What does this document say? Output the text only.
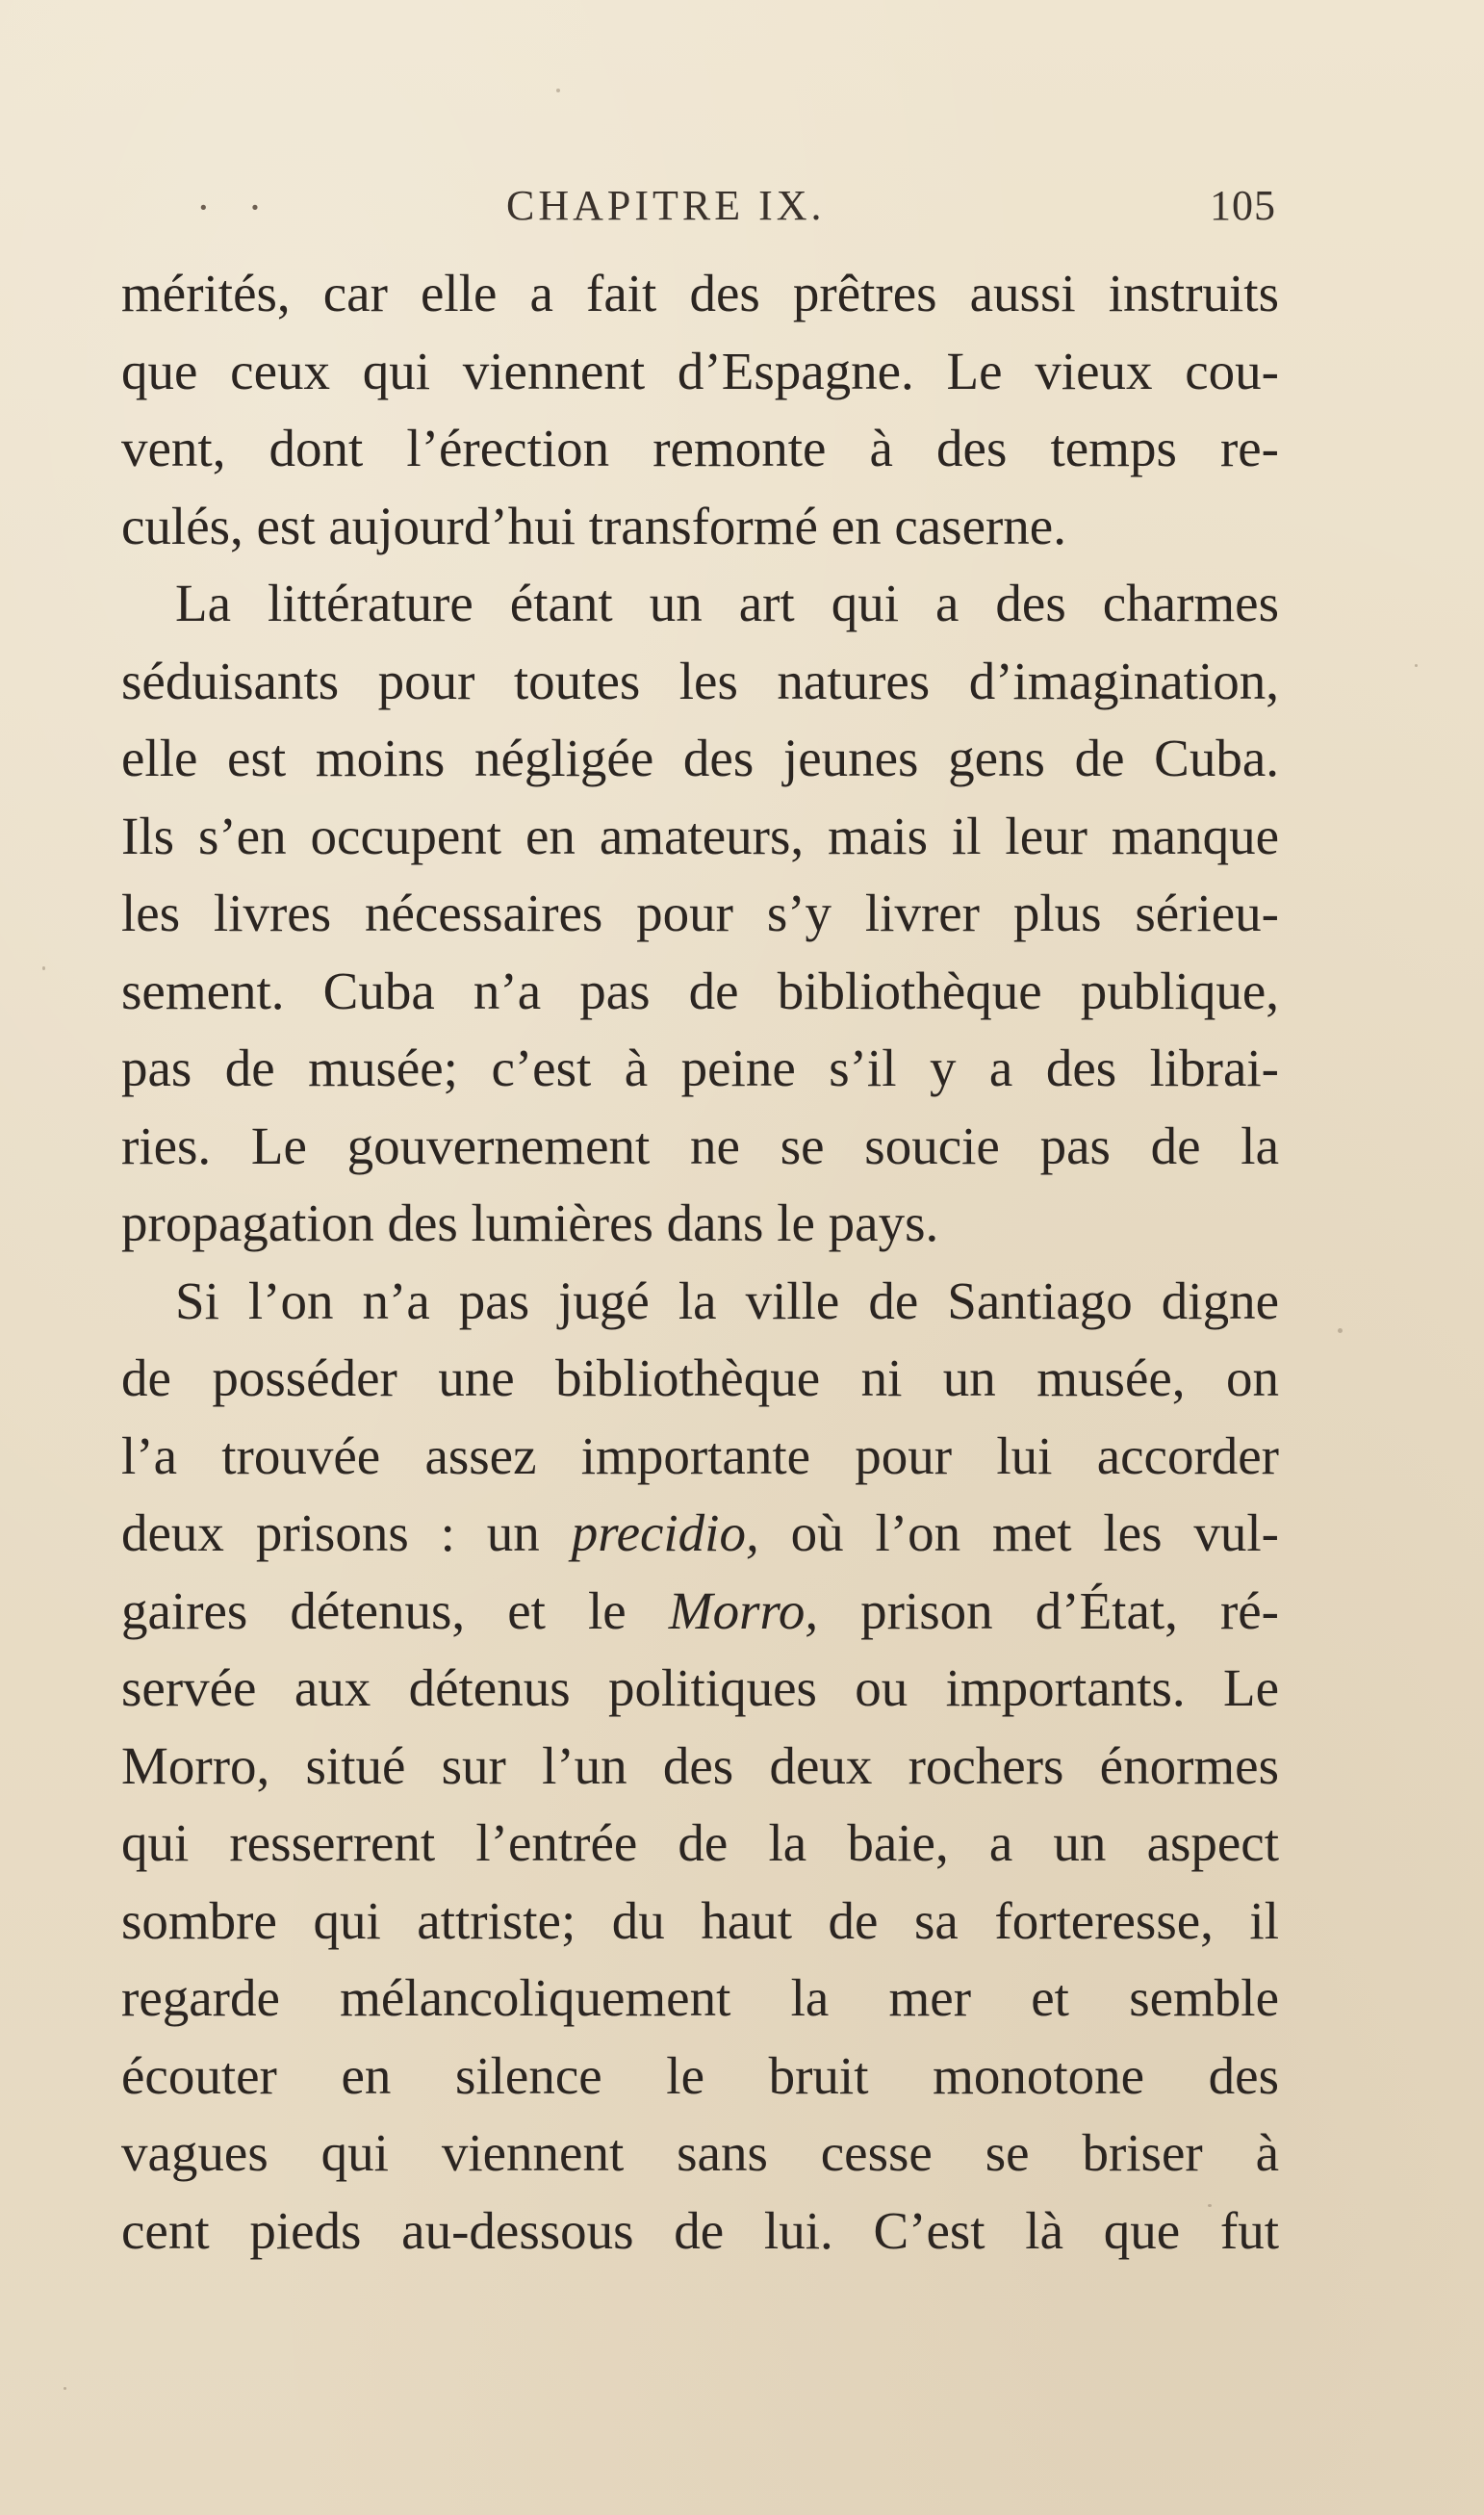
· ·	CHAPITRE IX.	105
mérités, car elle a fait des prêtres aussi instruits
que ceux qui viennent d’Espagne. Le vieux cou-
vent, dont l’érection remonte à des temps re-
culés, est aujourd’hui transformé en caserne.
La littérature étant un art qui a des charmes
séduisants pour toutes les natures d’imagination,
elle est moins négligée des jeunes gens de Cuba.
Ils s’en occupent en amateurs, mais il leur manque
les livres nécessaires pour s’y livrer plus sérieu-
sement. Cuba n’a pas de bibliothèque publique,
pas de musée; c’est à peine s’il y a des librai-
ries. Le gouvernement ne se soucie pas de la
propagation des lumières dans le pays.
Si l’on n’a pas jugé la ville de Santiago digne
de posséder une bibliothèque ni un musée, on
l’a trouvée assez importante pour lui accorder
deux prisons : un precidio, où l’on met les vul-
gaires détenus, et le Morro, prison d’État, ré-
servée aux détenus politiques ou importants. Le
Morro, situé sur l’un des deux rochers énormes
qui resserrent l’entrée de la baie, a un aspect
sombre qui attriste; du haut de sa forteresse, il
regarde mélancoliquement la mer et semble
écouter en silence le bruit monotone des
vagues qui viennent sans cesse se briser à
cent pieds au-dessous de lui. C’est là que fut
